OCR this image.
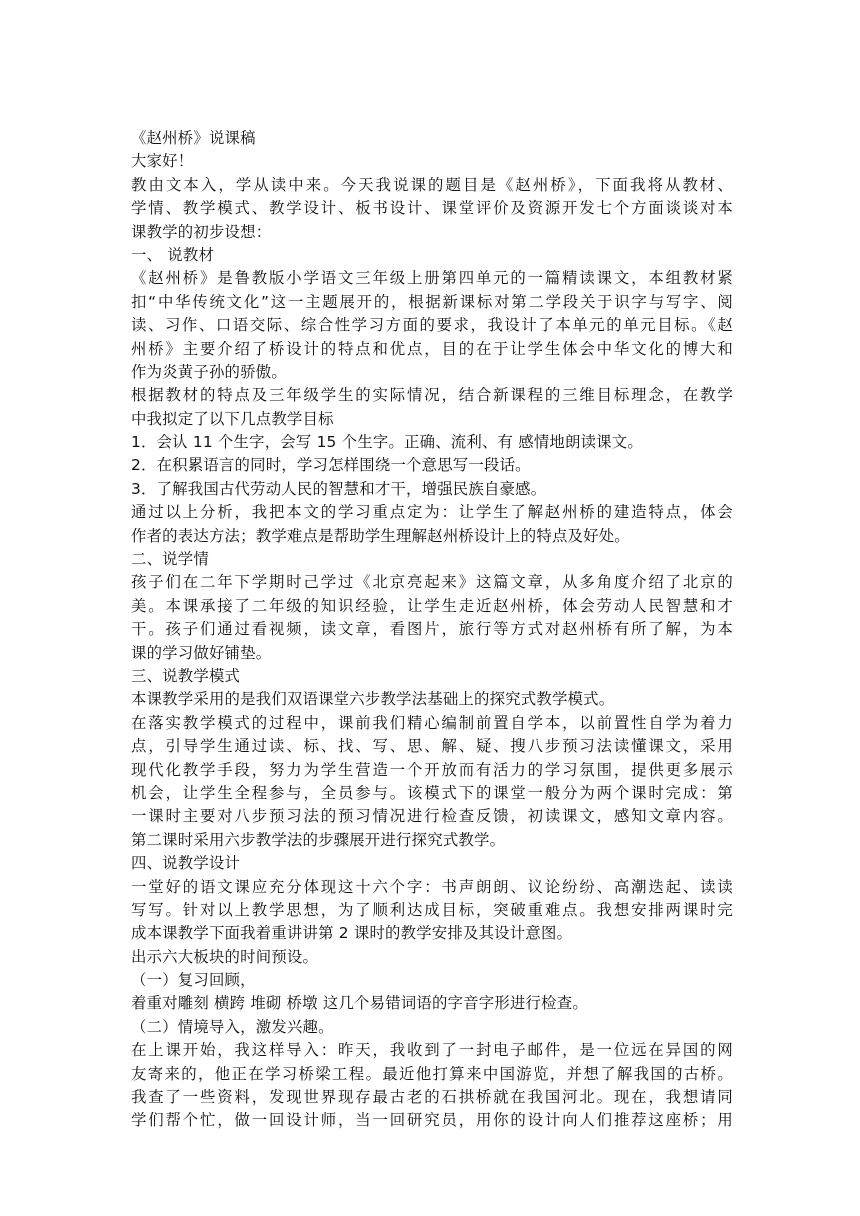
《赵州桥》说课稿
大家好！
教由文本入，学从读中来。今天我说课的题目是《赵州桥》，下面我将从教材、
学情、教学模式、教学设计、板书设计、课堂评价及资源开发七个方面谈谈对本
课教学的初步设想：
一、 说教材
《赵州桥》是鲁教版小学语文三年级上册第四单元的一篇精读课文，本组教材紧
扣“中华传统文化”这一主题展开的，根据新课标对第二学段关于识字与写字、阅
读、习作、口语交际、综合性学习方面的要求，我设计了本单元的单元目标。《赵
州桥》主要介绍了桥设计的特点和优点，目的在于让学生体会中华文化的博大和
作为炎黄子孙的骄傲。
根据教材的特点及三年级学生的实际情况，结合新课程的三维目标理念，在教学
中我拟定了以下几点教学目标
1．会认 11 个生字，会写 15 个生字。正确、流利、有 感情地朗读课文。
2．在积累语言的同时，学习怎样围绕一个意思写一段话。
3．了解我国古代劳动人民的智慧和才干，增强民族自豪感。
通过以上分析，我把本文的学习重点定为：让学生了解赵州桥的建造特点，体会
作者的表达方法；教学难点是帮助学生理解赵州桥设计上的特点及好处。
二、说学情
孩子们在二年下学期时己学过《北京亮起来》这篇文章，从多角度介绍了北京的
美。本课承接了二年级的知识经验，让学生走近赵州桥，体会劳动人民智慧和才
干。孩子们通过看视频，读文章，看图片，旅行等方式对赵州桥有所了解，为本
课的学习做好铺垫。
三、说教学模式
本课教学采用的是我们双语课堂六步教学法基础上的探究式教学模式。
在落实教学模式的过程中，课前我们精心编制前置自学本，以前置性自学为着力
点，引导学生通过读、标、找、写、思、解、疑、搜八步预习法读懂课文，采用
现代化教学手段，努力为学生营造一个开放而有活力的学习氛围，提供更多展示
机会，让学生全程参与，全员参与。该模式下的课堂一般分为两个课时完成：第
一课时主要对八步预习法的预习情况进行检查反馈，初读课文，感知文章内容。
第二课时采用六步教学法的步骤展开进行探究式教学。
四、说教学设计
一堂好的语文课应充分体现这十六个字：书声朗朗、议论纷纷、高潮迭起、读读
写写。针对以上教学思想，为了顺利达成目标，突破重难点。我想安排两课时完
成本课教学下面我着重讲讲第 2 课时的教学安排及其设计意图。
出示六大板块的时间预设。
（一）复习回顾，
着重对雕刻 横跨 堆砌 桥墩 这几个易错词语的字音字形进行检查。
（二）情境导入，激发兴趣。
在上课开始，我这样导入：昨天，我收到了一封电子邮件，是一位远在异国的网
友寄来的，他正在学习桥梁工程。最近他打算来中国游览，并想了解我国的古桥。
我查了一些资料，发现世界现存最古老的石拱桥就在我国河北。现在，我想请同
学们帮个忙，做一回设计师，当一回研究员，用你的设计向人们推荐这座桥；用
